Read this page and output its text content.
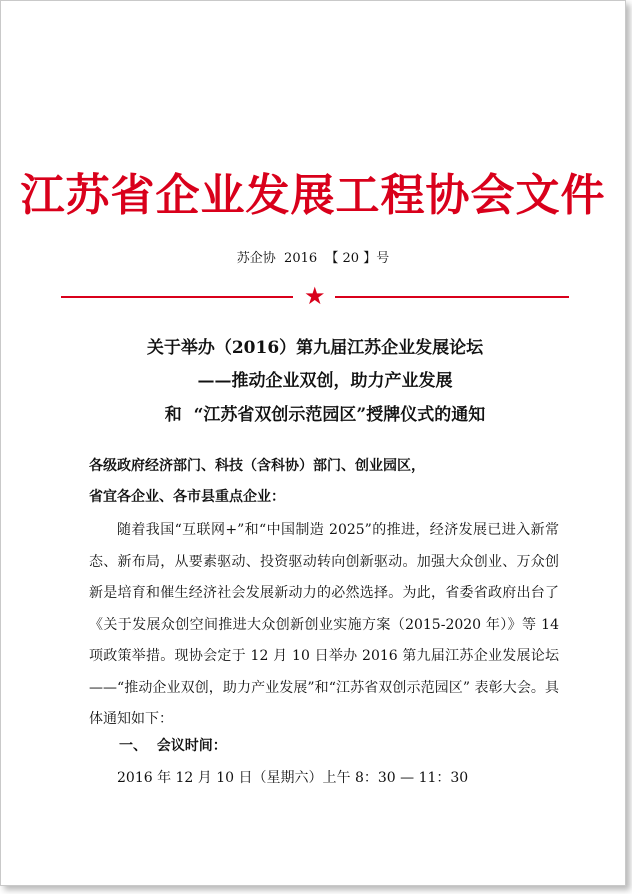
江苏省企业发展工程协会文件
苏企协  2016  【 20 】号
★
关于举办（2016）第九届江苏企业发展论坛
——推动企业双创，助力产业发展
和  “江苏省双创示范园区”授牌仪式的通知
各级政府经济部门、科技（含科协）部门、创业园区，
省宜各企业、各市县重点企业：

随着我国“互联网+”和“中国制造 2025”的推进，经济发展已进入新常态、新布局，从要素驱动、投资驱动转向创新驱动。加强大众创业、万众创新是培育和催生经济社会发展新动力的必然选择。为此，省委省政府出台了《关于发展众创空间推进大众创新创业实施方案（2015-2020 年）》等 14 项政策举措。现协会定于 12 月 10 日举办 2016 第九届江苏企业发展论坛——“推动企业双创，助力产业发展”和“江苏省双创示范园区” 表彰大会。具体通知如下：

一、  会议时间：
2016 年 12 月 10 日（星期六）上午 8：30 — 11：30
